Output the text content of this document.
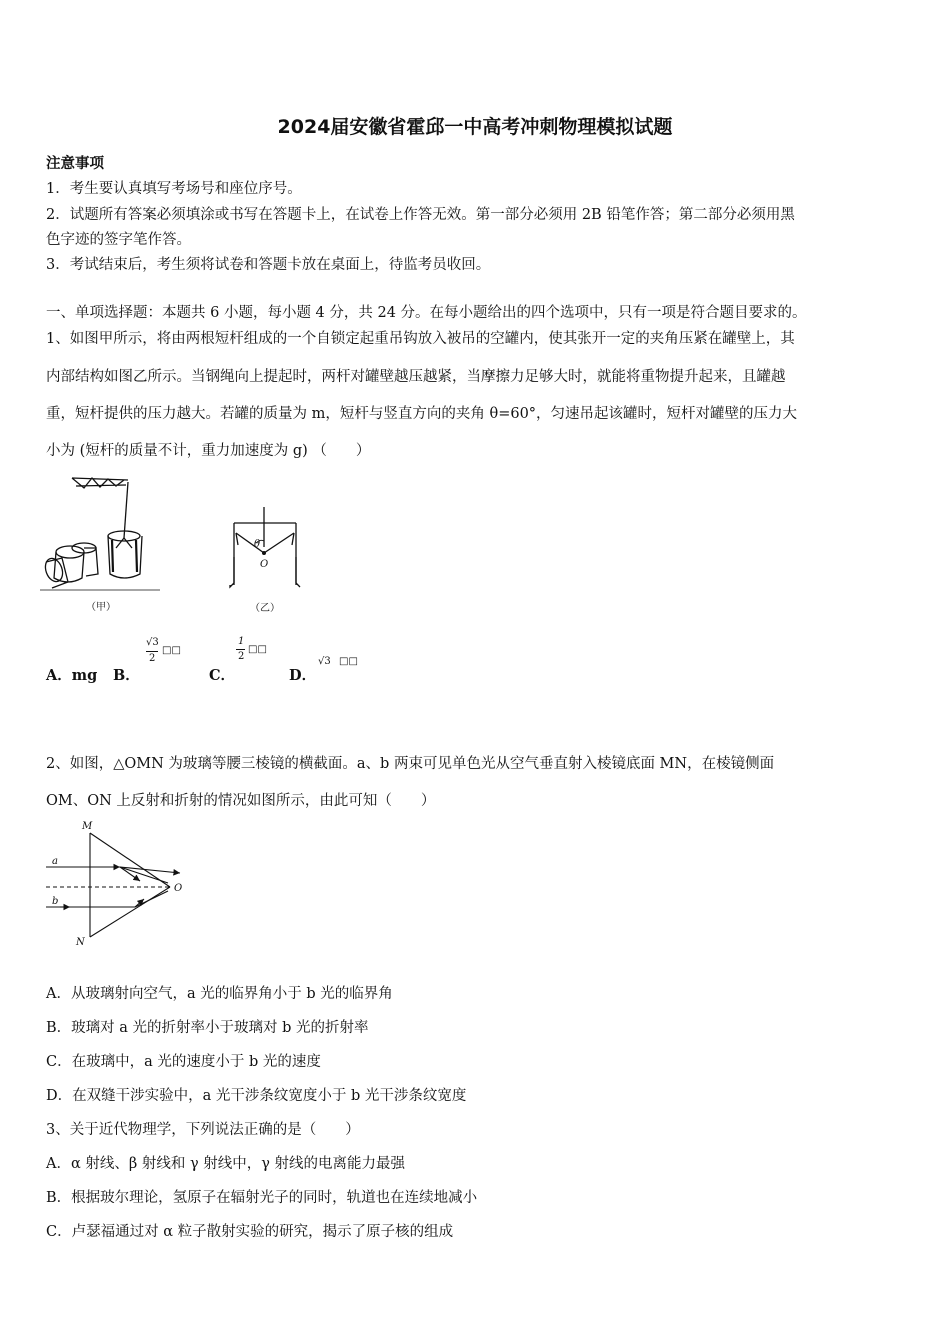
2024届安徽省霍邱一中高考冲刺物理模拟试题
注意事项
1．考生要认真填写考场号和座位序号。
2．试题所有答案必须填涂或书写在答题卡上，在试卷上作答无效。第一部分必须用 2B 铅笔作答；第二部分必须用黑
色字迹的签字笔作答。
3．考试结束后，考生须将试卷和答题卡放在桌面上，待监考员收回。
一、单项选择题：本题共 6 小题，每小题 4 分，共 24 分。在每小题给出的四个选项中，只有一项是符合题目要求的。
1、如图甲所示，将由两根短杆组成的一个自锁定起重吊钩放入被吊的空罐内，使其张开一定的夹角压紧在罐壁上，其
内部结构如图乙所示。当钢绳向上提起时，两杆对罐壁越压越紧，当摩擦力足够大时，就能将重物提升起来，且罐越
重，短杆提供的压力越大。若罐的质量为 m，短杆与竖直方向的夹角 θ=60°，匀速吊起该罐时，短杆对罐壁的压力大
小为 (短杆的质量不计，重力加速度为 g) （　　）
（甲）
θ
O
（乙）
A．mg B．
√3
2
□□
C．
1
2
□□
D．
√3 □□
2、如图，△OMN 为玻璃等腰三棱镜的横截面。a、b 两束可见单色光从空气垂直射入棱镜底面 MN，在棱镜侧面
OM、ON 上反射和折射的情况如图所示，由此可知（　　）
M
N
O
a
b
A．从玻璃射向空气，a 光的临界角小于 b 光的临界角
B．玻璃对 a 光的折射率小于玻璃对 b 光的折射率
C．在玻璃中，a 光的速度小于 b 光的速度
D．在双缝干涉实验中，a 光干涉条纹宽度小于 b 光干涉条纹宽度
3、关于近代物理学，下列说法正确的是（　　）
A．α 射线、β 射线和 γ 射线中，γ 射线的电离能力最强
B．根据玻尔理论，氢原子在辐射光子的同时，轨道也在连续地减小
C．卢瑟福通过对 α 粒子散射实验的研究，揭示了原子核的组成
